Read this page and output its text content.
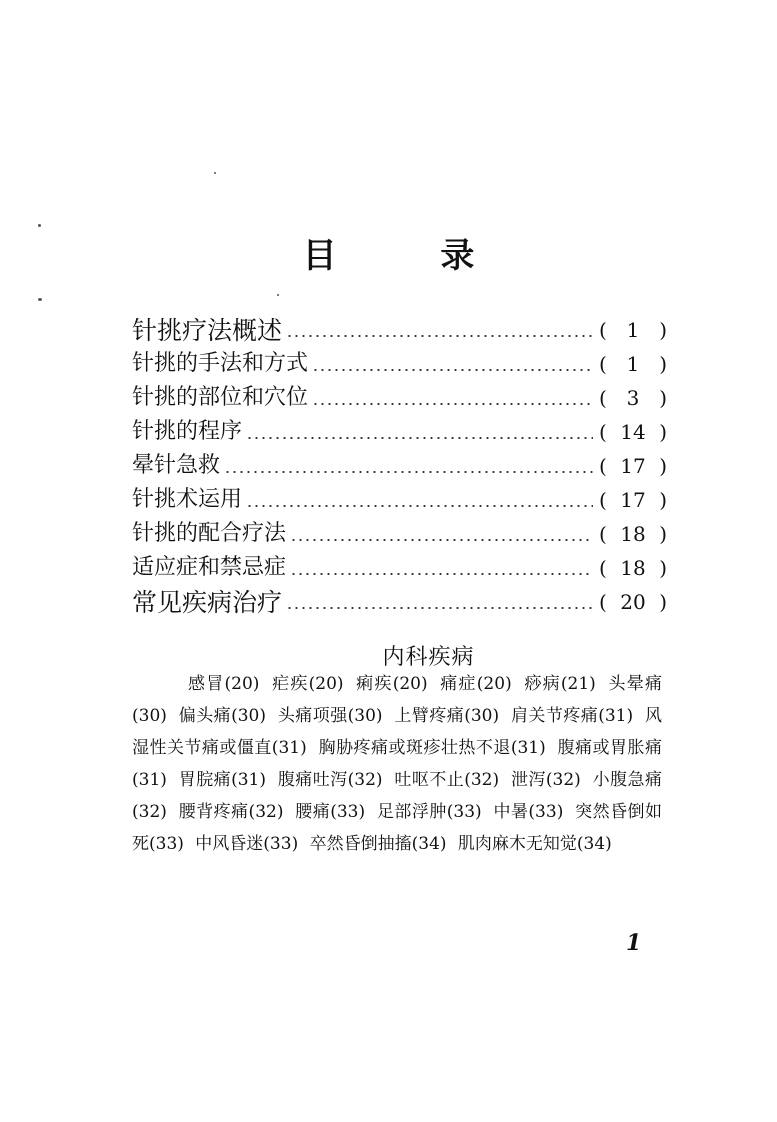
目 录
针挑疗法概述	( 1 )
针挑的手法和方式	( 1 )
针挑的部位和穴位	( 3 )
针挑的程序	( 14 )
晕针急救	( 17 )
针挑术运用	( 17 )
针挑的配合疗法	( 18 )
适应症和禁忌症	( 18 )
常见疾病治疗	( 20 )
内科疾病
感冒(20) 疟疾(20) 痢疾(20) 痛症(20) 痧病(21) 头晕痛(30) 偏头痛(30) 头痛项强(30) 上臂疼痛(30) 肩关节疼痛(31) 风湿性关节痛或僵直(31) 胸胁疼痛或斑疹壮热不退(31) 腹痛或胃胀痛(31) 胃脘痛(31) 腹痛吐泻(32) 吐呕不止(32) 泄泻(32) 小腹急痛(32) 腰背疼痛(32) 腰痛(33) 足部浮肿(33) 中暑(33) 突然昏倒如死(33) 中风昏迷(33) 卒然昏倒抽搐(34) 肌肉麻木无知觉(34)
1
